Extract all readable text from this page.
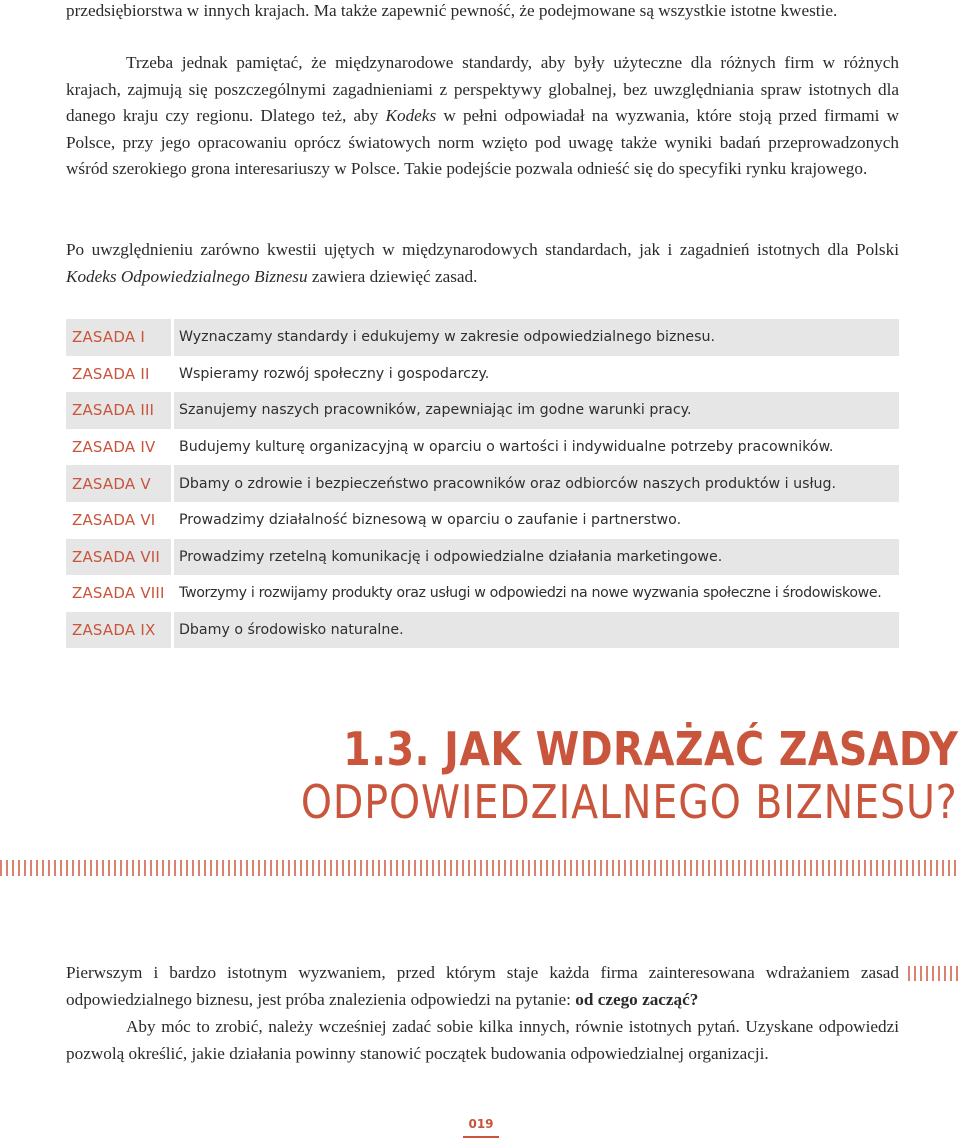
przedsiębiorstwa w innych krajach. Ma także zapewnić pewność, że podejmowane są wszystkie istotne kwestie.

Trzeba jednak pamiętać, że międzynarodowe standardy, aby były użyteczne dla różnych firm w różnych krajach, zajmują się poszczególnymi zagadnieniami z perspektywy globalnej, bez uwzględniania spraw istotnych dla danego kraju czy regionu. Dlatego też, aby Kodeks w pełni odpowiadał na wyzwania, które stoją przed firmami w Polsce, przy jego opracowaniu oprócz światowych norm wzięto pod uwagę także wyniki badań przeprowadzonych wśród szerokiego grona interesariuszy w Polsce. Takie podejście pozwala odnieść się do specyfiki rynku krajowego.

Po uwzględnieniu zarówno kwestii ujętych w międzynarodowych standardach, jak i zagadnień istotnych dla Polski Kodeks Odpowiedzialnego Biznesu zawiera dziewięć zasad.

ZASADA I	Wyznaczamy standardy i edukujemy w zakresie odpowiedzialnego biznesu.
ZASADA II	Wspieramy rozwój społeczny i gospodarczy.
ZASADA III	Szanujemy naszych pracowników, zapewniając im godne warunki pracy.
ZASADA IV	Budujemy kulturę organizacyjną w oparciu o wartości i indywidualne potrzeby pracowników.
ZASADA V	Dbamy o zdrowie i bezpieczeństwo pracowników oraz odbiorców naszych produktów i usług.
ZASADA VI	Prowadzimy działalność biznesową w oparciu o zaufanie i partnerstwo.
ZASADA VII	Prowadzimy rzetelną komunikację i odpowiedzialne działania marketingowe.
ZASADA VIII	Tworzymy i rozwijamy produkty oraz usługi w odpowiedzi na nowe wyzwania społeczne i środowiskowe.
ZASADA IX	Dbamy o środowisko naturalne.
1.3. JAK WDRAŻAĆ ZASADY
ODPOWIEDZIALNEGO BIZNESU?

Pierwszym i bardzo istotnym wyzwaniem, przed którym staje każda firma zainteresowana wdrażaniem zasad odpowiedzialnego biznesu, jest próba znalezienia odpowiedzi na pytanie: od czego zacząć?

Aby móc to zrobić, należy wcześniej zadać sobie kilka innych, równie istotnych pytań. Uzyskane odpowiedzi pozwolą określić, jakie działania powinny stanowić początek budowania odpowiedzialnej organizacji.

019
